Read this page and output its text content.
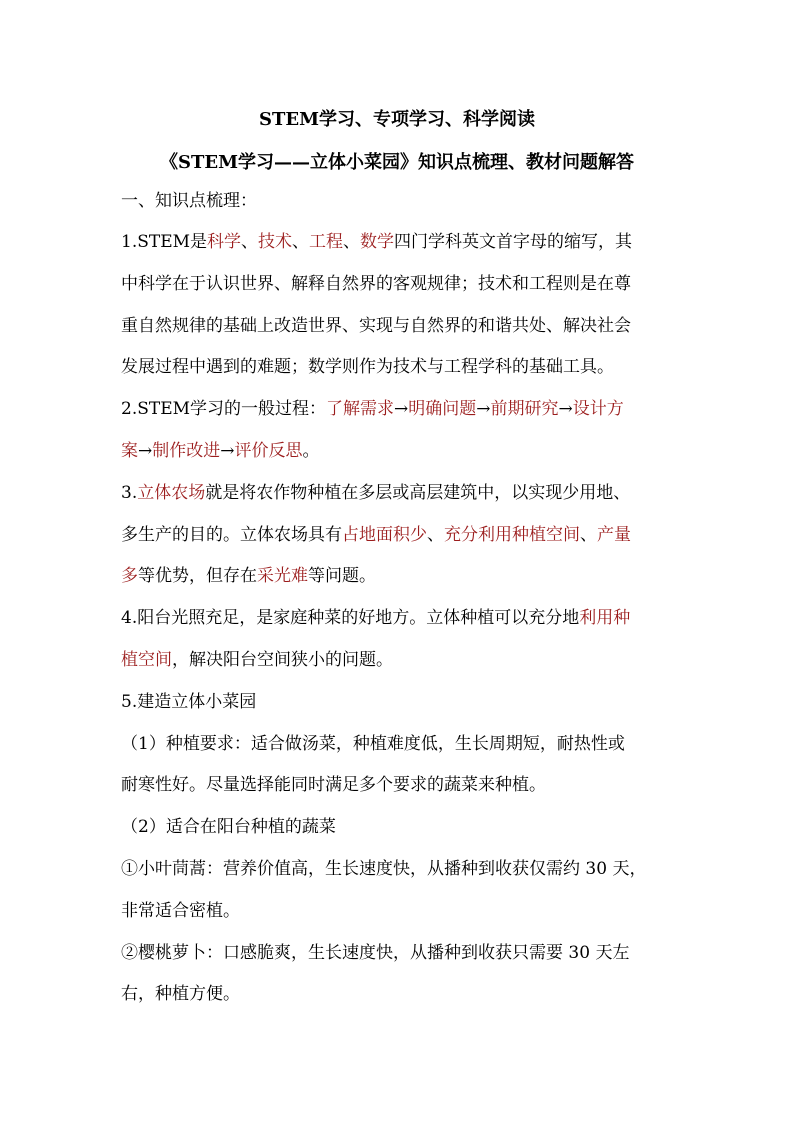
STEM学习、专项学习、科学阅读
《STEM学习——立体小菜园》知识点梳理、教材问题解答
一、知识点梳理：
1.STEM是科学、技术、工程、数学四门学科英文首字母的缩写，其
中科学在于认识世界、解释自然界的客观规律；技术和工程则是在尊
重自然规律的基础上改造世界、实现与自然界的和谐共处、解决社会
发展过程中遇到的难题；数学则作为技术与工程学科的基础工具。
2.STEM学习的一般过程：了解需求→明确问题→前期研究→设计方
案→制作改进→评价反思。
3.立体农场就是将农作物种植在多层或高层建筑中，以实现少用地、
多生产的目的。立体农场具有占地面积少、充分利用种植空间、产量
多等优势，但存在采光难等问题。
4.阳台光照充足，是家庭种菜的好地方。立体种植可以充分地利用种
植空间，解决阳台空间狭小的问题。
5.建造立体小菜园
（1）种植要求：适合做汤菜，种植难度低，生长周期短，耐热性或
耐寒性好。尽量选择能同时满足多个要求的蔬菜来种植。
（2）适合在阳台种植的蔬菜
①小叶茼蒿：营养价值高，生长速度快，从播种到收获仅需约 30 天，
非常适合密植。
②樱桃萝卜：口感脆爽，生长速度快，从播种到收获只需要 30 天左
右，种植方便。
